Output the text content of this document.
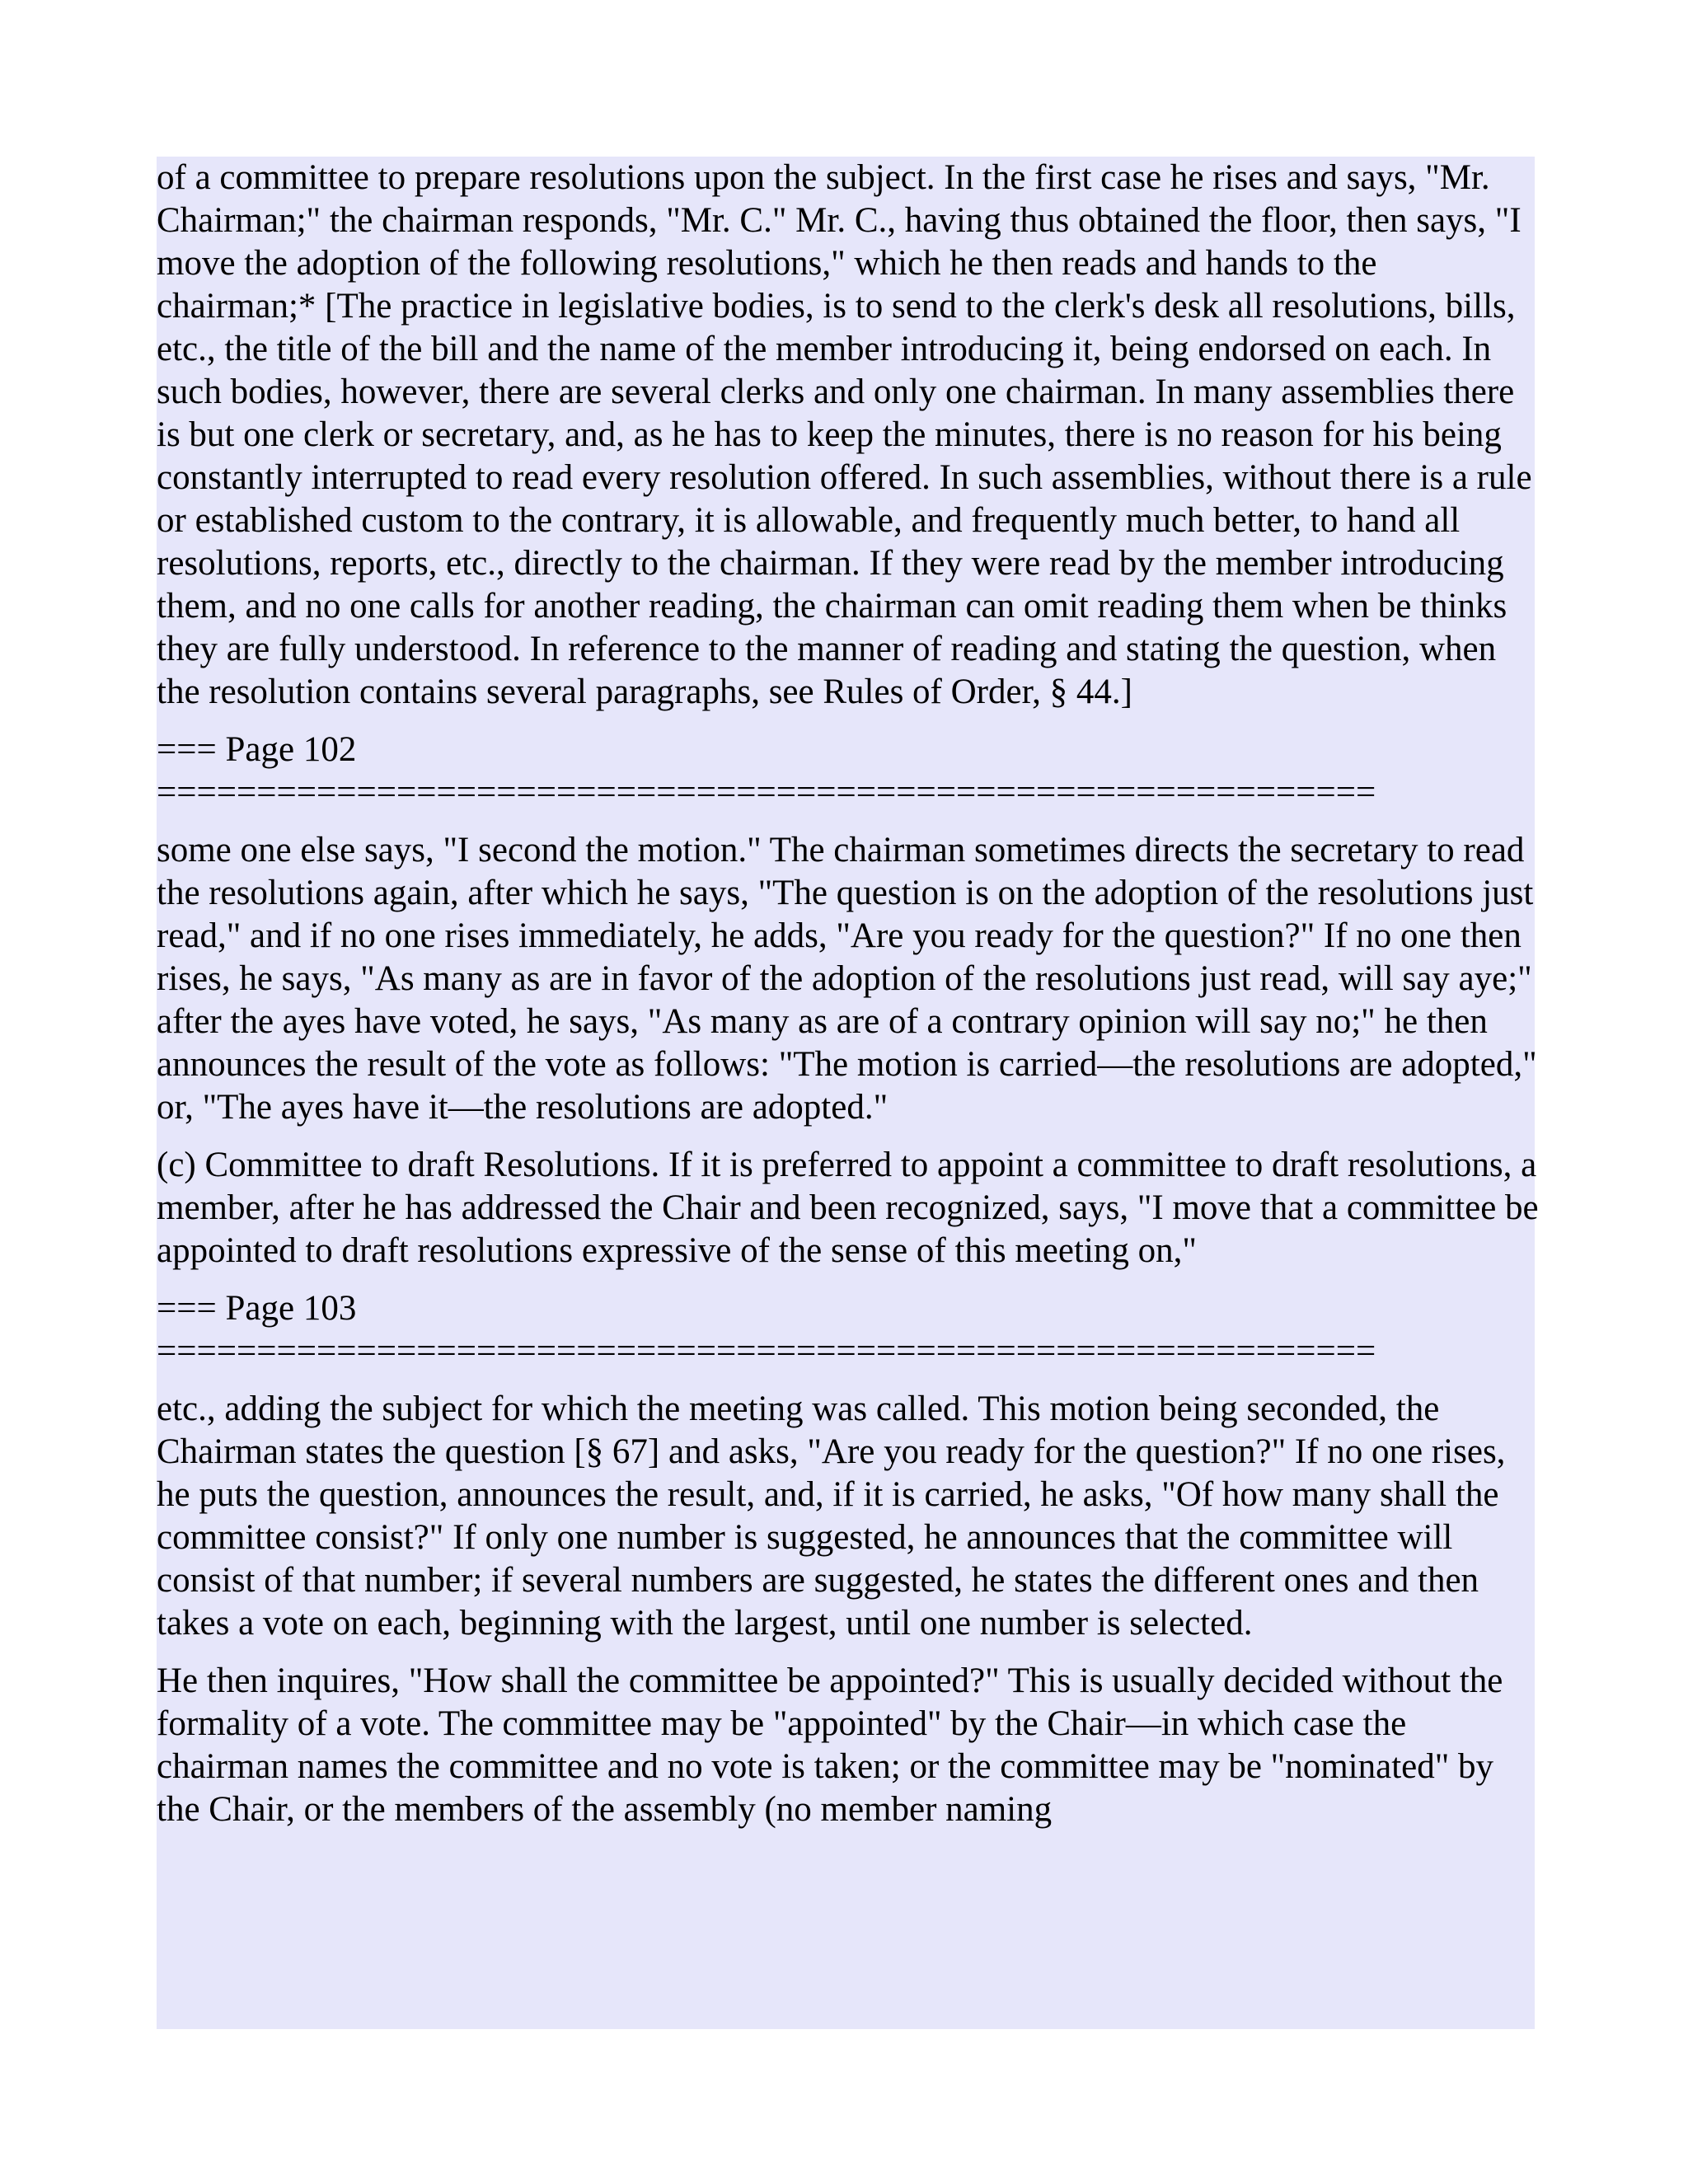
of a committee to prepare resolutions upon the subject. In the first case he rises and says, "Mr. Chairman;" the chairman responds, "Mr. C." Mr. C., having thus obtained the floor, then says, "I move the adoption of the following resolutions," which he then reads and hands to the chairman;* [The practice in legislative bodies, is to send to the clerk's desk all resolutions, bills, etc., the title of the bill and the name of the member introducing it, being endorsed on each. In such bodies, however, there are several clerks and only one chairman. In many assemblies there is but one clerk or secretary, and, as he has to keep the minutes, there is no reason for his being constantly interrupted to read every resolution offered. In such assemblies, without there is a rule or established custom to the contrary, it is allowable, and frequently much better, to hand all resolutions, reports, etc., directly to the chairman. If they were read by the member introducing them, and no one calls for another reading, the chairman can omit reading them when be thinks they are fully understood. In reference to the manner of reading and stating the question, when the resolution contains several paragraphs, see Rules of Order, § 44.]

=== Page 102
=============================================================

some one else says, "I second the motion." The chairman sometimes directs the secretary to read the resolutions again, after which he says, "The question is on the adoption of the resolutions just read," and if no one rises immediately, he adds, "Are you ready for the question?" If no one then rises, he says, "As many as are in favor of the adoption of the resolutions just read, will say aye;" after the ayes have voted, he says, "As many as are of a contrary opinion will say no;" he then announces the result of the vote as follows: "The motion is carried—the resolutions are adopted," or, "The ayes have it—the resolutions are adopted."

(c) Committee to draft Resolutions. If it is preferred to appoint a committee to draft resolutions, a member, after he has addressed the Chair and been recognized, says, "I move that a committee be appointed to draft resolutions expressive of the sense of this meeting on,"

=== Page 103
=============================================================

etc., adding the subject for which the meeting was called. This motion being seconded, the Chairman states the question [§ 67] and asks, "Are you ready for the question?" If no one rises, he puts the question, announces the result, and, if it is carried, he asks, "Of how many shall the committee consist?" If only one number is suggested, he announces that the committee will consist of that number; if several numbers are suggested, he states the different ones and then takes a vote on each, beginning with the largest, until one number is selected.

He then inquires, "How shall the committee be appointed?" This is usually decided without the formality of a vote. The committee may be "appointed" by the Chair—in which case the chairman names the committee and no vote is taken; or the committee may be "nominated" by the Chair, or the members of the assembly (no member naming
